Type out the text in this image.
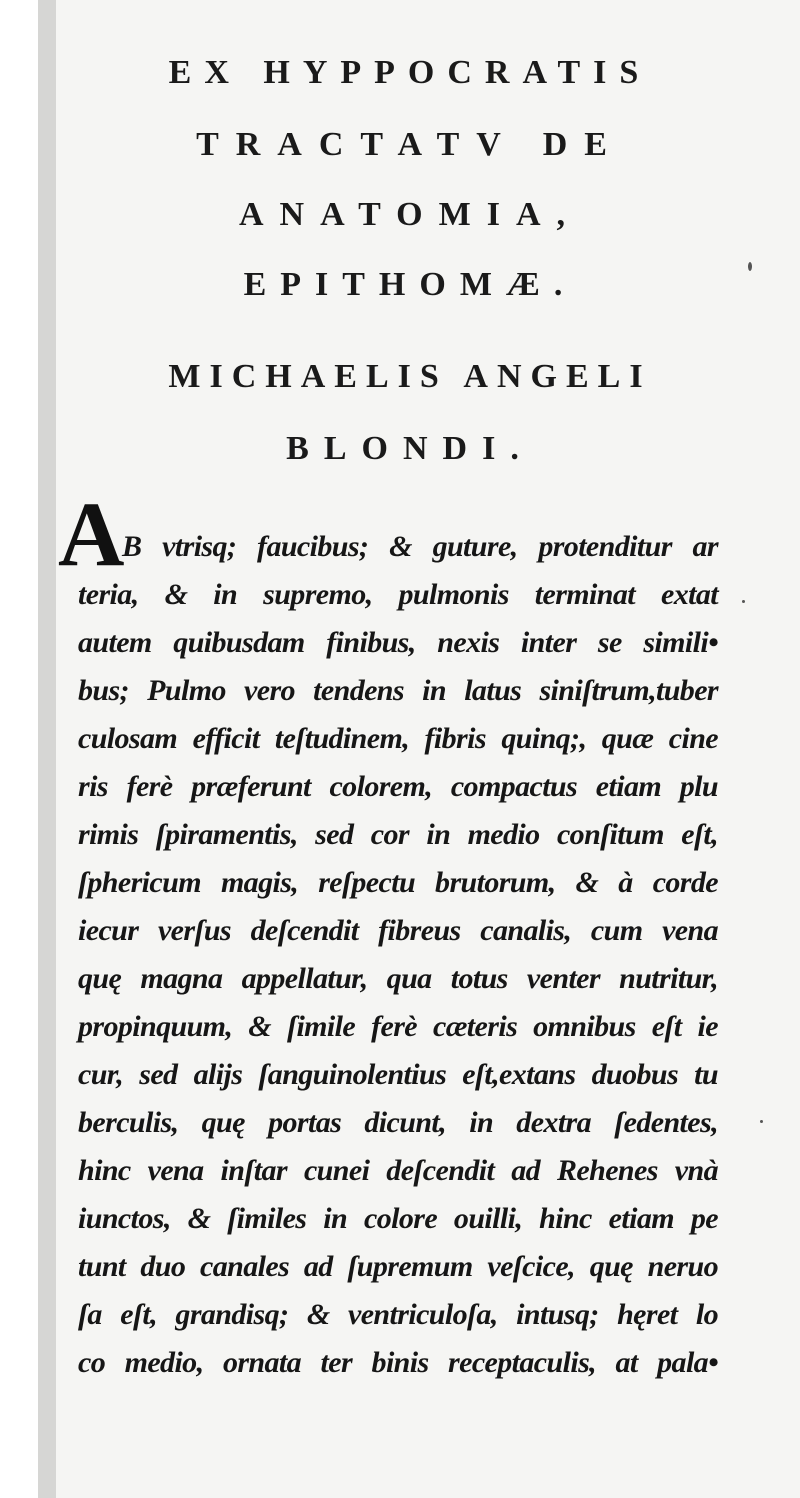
EX HYPPOCRATIS
TRACTATV DE
ANATOMIA,
EPITHOMÆ.
MICHAELIS ANGELI
BLONDI.
A
B vtrisq; faucibus; & guture, protenditur ar
teria, & in supremo, pulmonis terminat extat
autem quibusdam finibus, nexis inter se simili•
bus; Pulmo vero tendens in latus siniſtrum,tuber
culosam efficit teſtudinem, fibris quinq;, quæ cine
ris ferè præferunt colorem, compactus etiam plu
rimis ſpiramentis, sed cor in medio conſitum eſt,
ſphericum magis, reſpectu brutorum, & à corde
iecur verſus deſcendit fibreus canalis, cum vena
quę magna appellatur, qua totus venter nutritur,
propinquum, & ſimile ferè cæteris omnibus eſt ie
cur, sed alijs ſanguinolentius eſt,extans duobus tu
berculis, quę portas dicunt, in dextra ſedentes,
hinc vena inſtar cunei deſcendit ad Rehenes vnà
iunctos, & ſimiles in colore ouilli, hinc etiam pe
tunt duo canales ad ſupremum veſcice, quę neruo
ſa eſt, grandisq; & ventriculoſa, intusq; hęret lo
co medio, ornata ter binis receptaculis, at pala•
